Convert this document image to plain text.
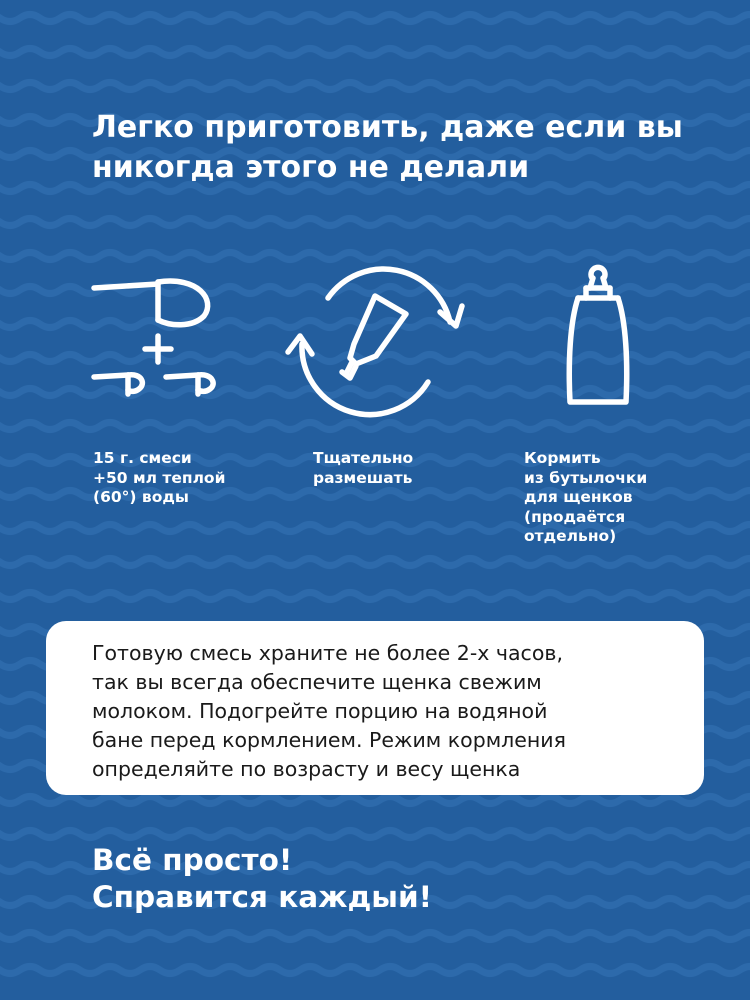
Легко приготовить, даже если вы никогда этого не делали

15 г. смеси
+50 мл теплой
(60°) воды

Тщательно
размешать

Кормить
из бутылочки
для щенков
(продаётся
отдельно)

Готовую смесь храните не более 2-х часов,
так вы всегда обеспечите щенка свежим
молоком. Подогрейте порцию на водяной
бане перед кормлением. Режим кормления
определяйте по возрасту и весу щенка

Всё просто!
Справится каждый!
